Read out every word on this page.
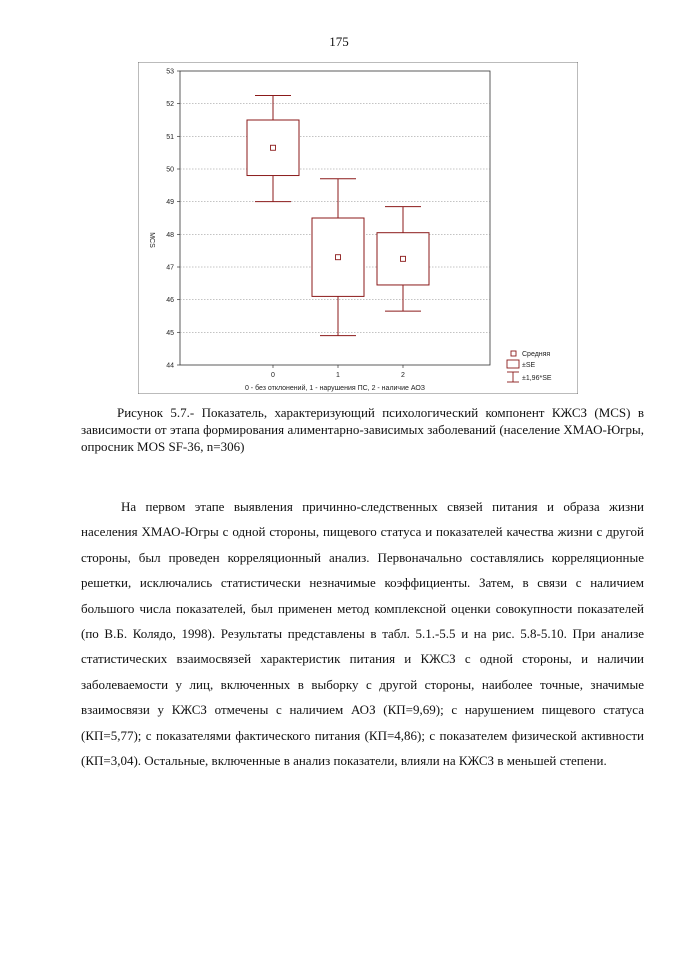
175
53
52
51
50
49
48
47
46
45
44
0	1	2
MCS
0 - без отклонений, 1 - нарушения ПС, 2 - наличие АОЗ
Средняя
±SE
±1,96*SE

Рисунок 5.7.- Показатель, характеризующий психологический компонент КЖСЗ (MCS) в зависимости от этапа формирования алиментарно-зависимых заболеваний (население ХМАО-Югры, опросник MOS SF-36, n=306)

На первом этапе выявления причинно-следственных связей питания и образа жизни населения ХМАО-Югры с одной стороны, пищевого статуса и показателей качества жизни с другой стороны, был проведен корреляционный анализ. Первоначально составлялись корреляционные решетки, исключались статистически незначимые коэффициенты. Затем, в связи с наличием большого числа показателей, был применен метод комплексной оценки совокупности показателей (по В.Б. Колядо, 1998). Результаты представлены в табл. 5.1.-5.5 и на рис. 5.8-5.10. При анализе статистических взаимосвязей характеристик питания и КЖСЗ с одной стороны, и наличии заболеваемости у лиц, включенных в выборку с другой стороны, наиболее точные, значимые взаимосвязи у КЖСЗ отмечены с наличием АОЗ (КП=9,69); с нарушением пищевого статуса (КП=5,77); с показателями фактического питания (КП=4,86); с показателем физической активности (КП=3,04). Остальные, включенные в анализ показатели, влияли на КЖСЗ в меньшей степени.
